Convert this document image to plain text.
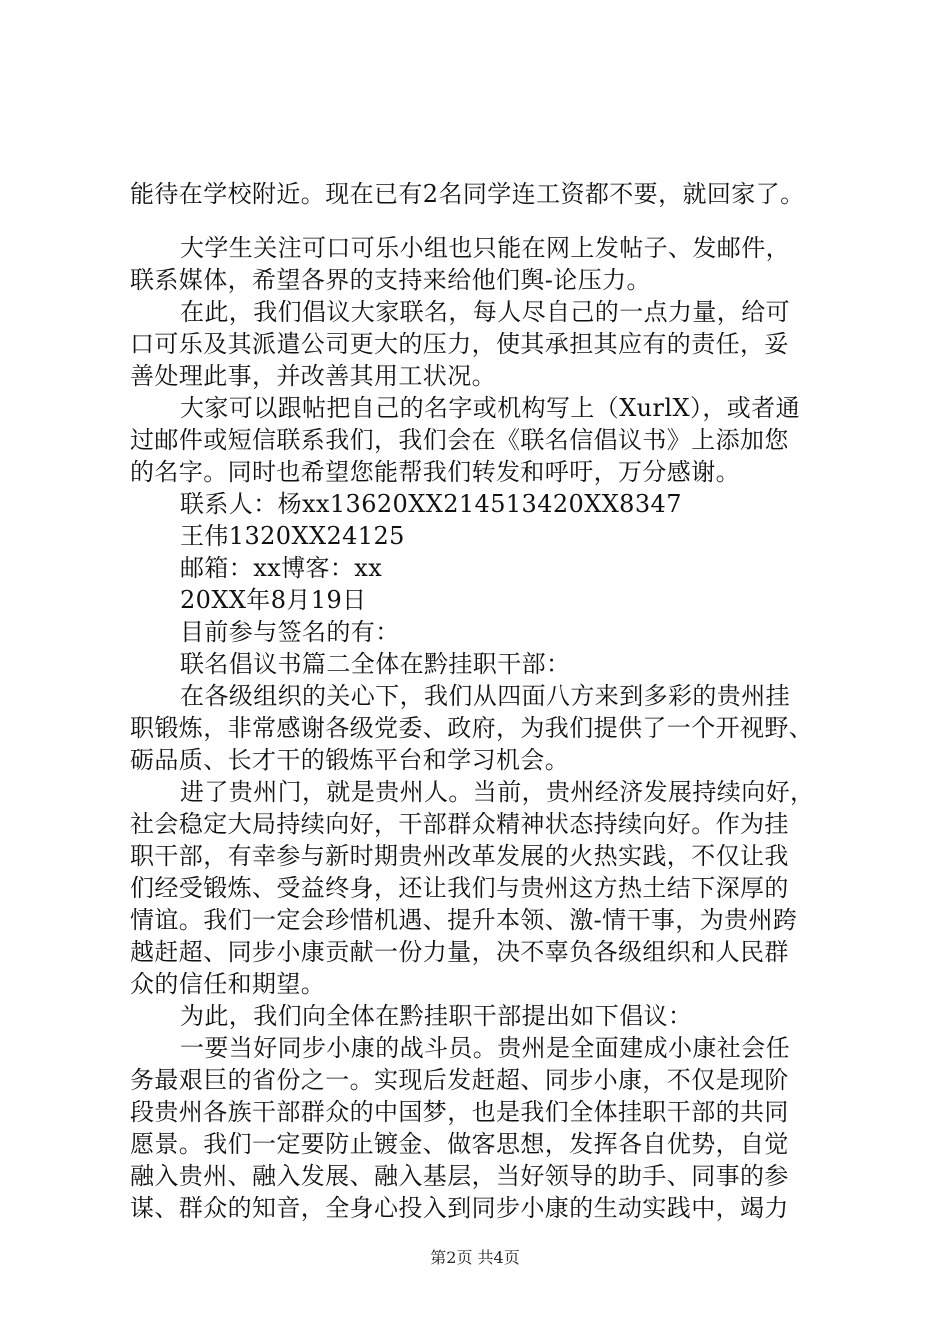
能待在学校附近。现在已有2名同学连工资都不要，就回家了。
大学生关注可口可乐小组也只能在网上发帖子、发邮件，
联系媒体，希望各界的支持来给他们舆-论压力。
在此，我们倡议大家联名，每人尽自己的一点力量，给可
口可乐及其派遣公司更大的压力，使其承担其应有的责任，妥
善处理此事，并改善其用工状况。
大家可以跟帖把自己的名字或机构写上（XurlX），或者通
过邮件或短信联系我们，我们会在《联名信倡议书》上添加您
的名字。同时也希望您能帮我们转发和呼吁，万分感谢。
联系人：杨xx13620XX214513420XX8347
王伟1320XX24125
邮箱：xx博客：xx
20XX年8月19日
目前参与签名的有：
联名倡议书篇二全体在黔挂职干部：
在各级组织的关心下，我们从四面八方来到多彩的贵州挂
职锻炼，非常感谢各级党委、政府，为我们提供了一个开视野、
砺品质、长才干的锻炼平台和学习机会。
进了贵州门，就是贵州人。当前，贵州经济发展持续向好，
社会稳定大局持续向好，干部群众精神状态持续向好。作为挂
职干部，有幸参与新时期贵州改革发展的火热实践，不仅让我
们经受锻炼、受益终身，还让我们与贵州这方热土结下深厚的
情谊。我们一定会珍惜机遇、提升本领、激-情干事，为贵州跨
越赶超、同步小康贡献一份力量，决不辜负各级组织和人民群
众的信任和期望。
为此，我们向全体在黔挂职干部提出如下倡议：
一要当好同步小康的战斗员。贵州是全面建成小康社会任
务最艰巨的省份之一。实现后发赶超、同步小康，不仅是现阶
段贵州各族干部群众的中国梦，也是我们全体挂职干部的共同
愿景。我们一定要防止镀金、做客思想，发挥各自优势，自觉
融入贵州、融入发展、融入基层，当好领导的助手、同事的参
谋、群众的知音，全身心投入到同步小康的生动实践中，竭力
第2页 共4页
